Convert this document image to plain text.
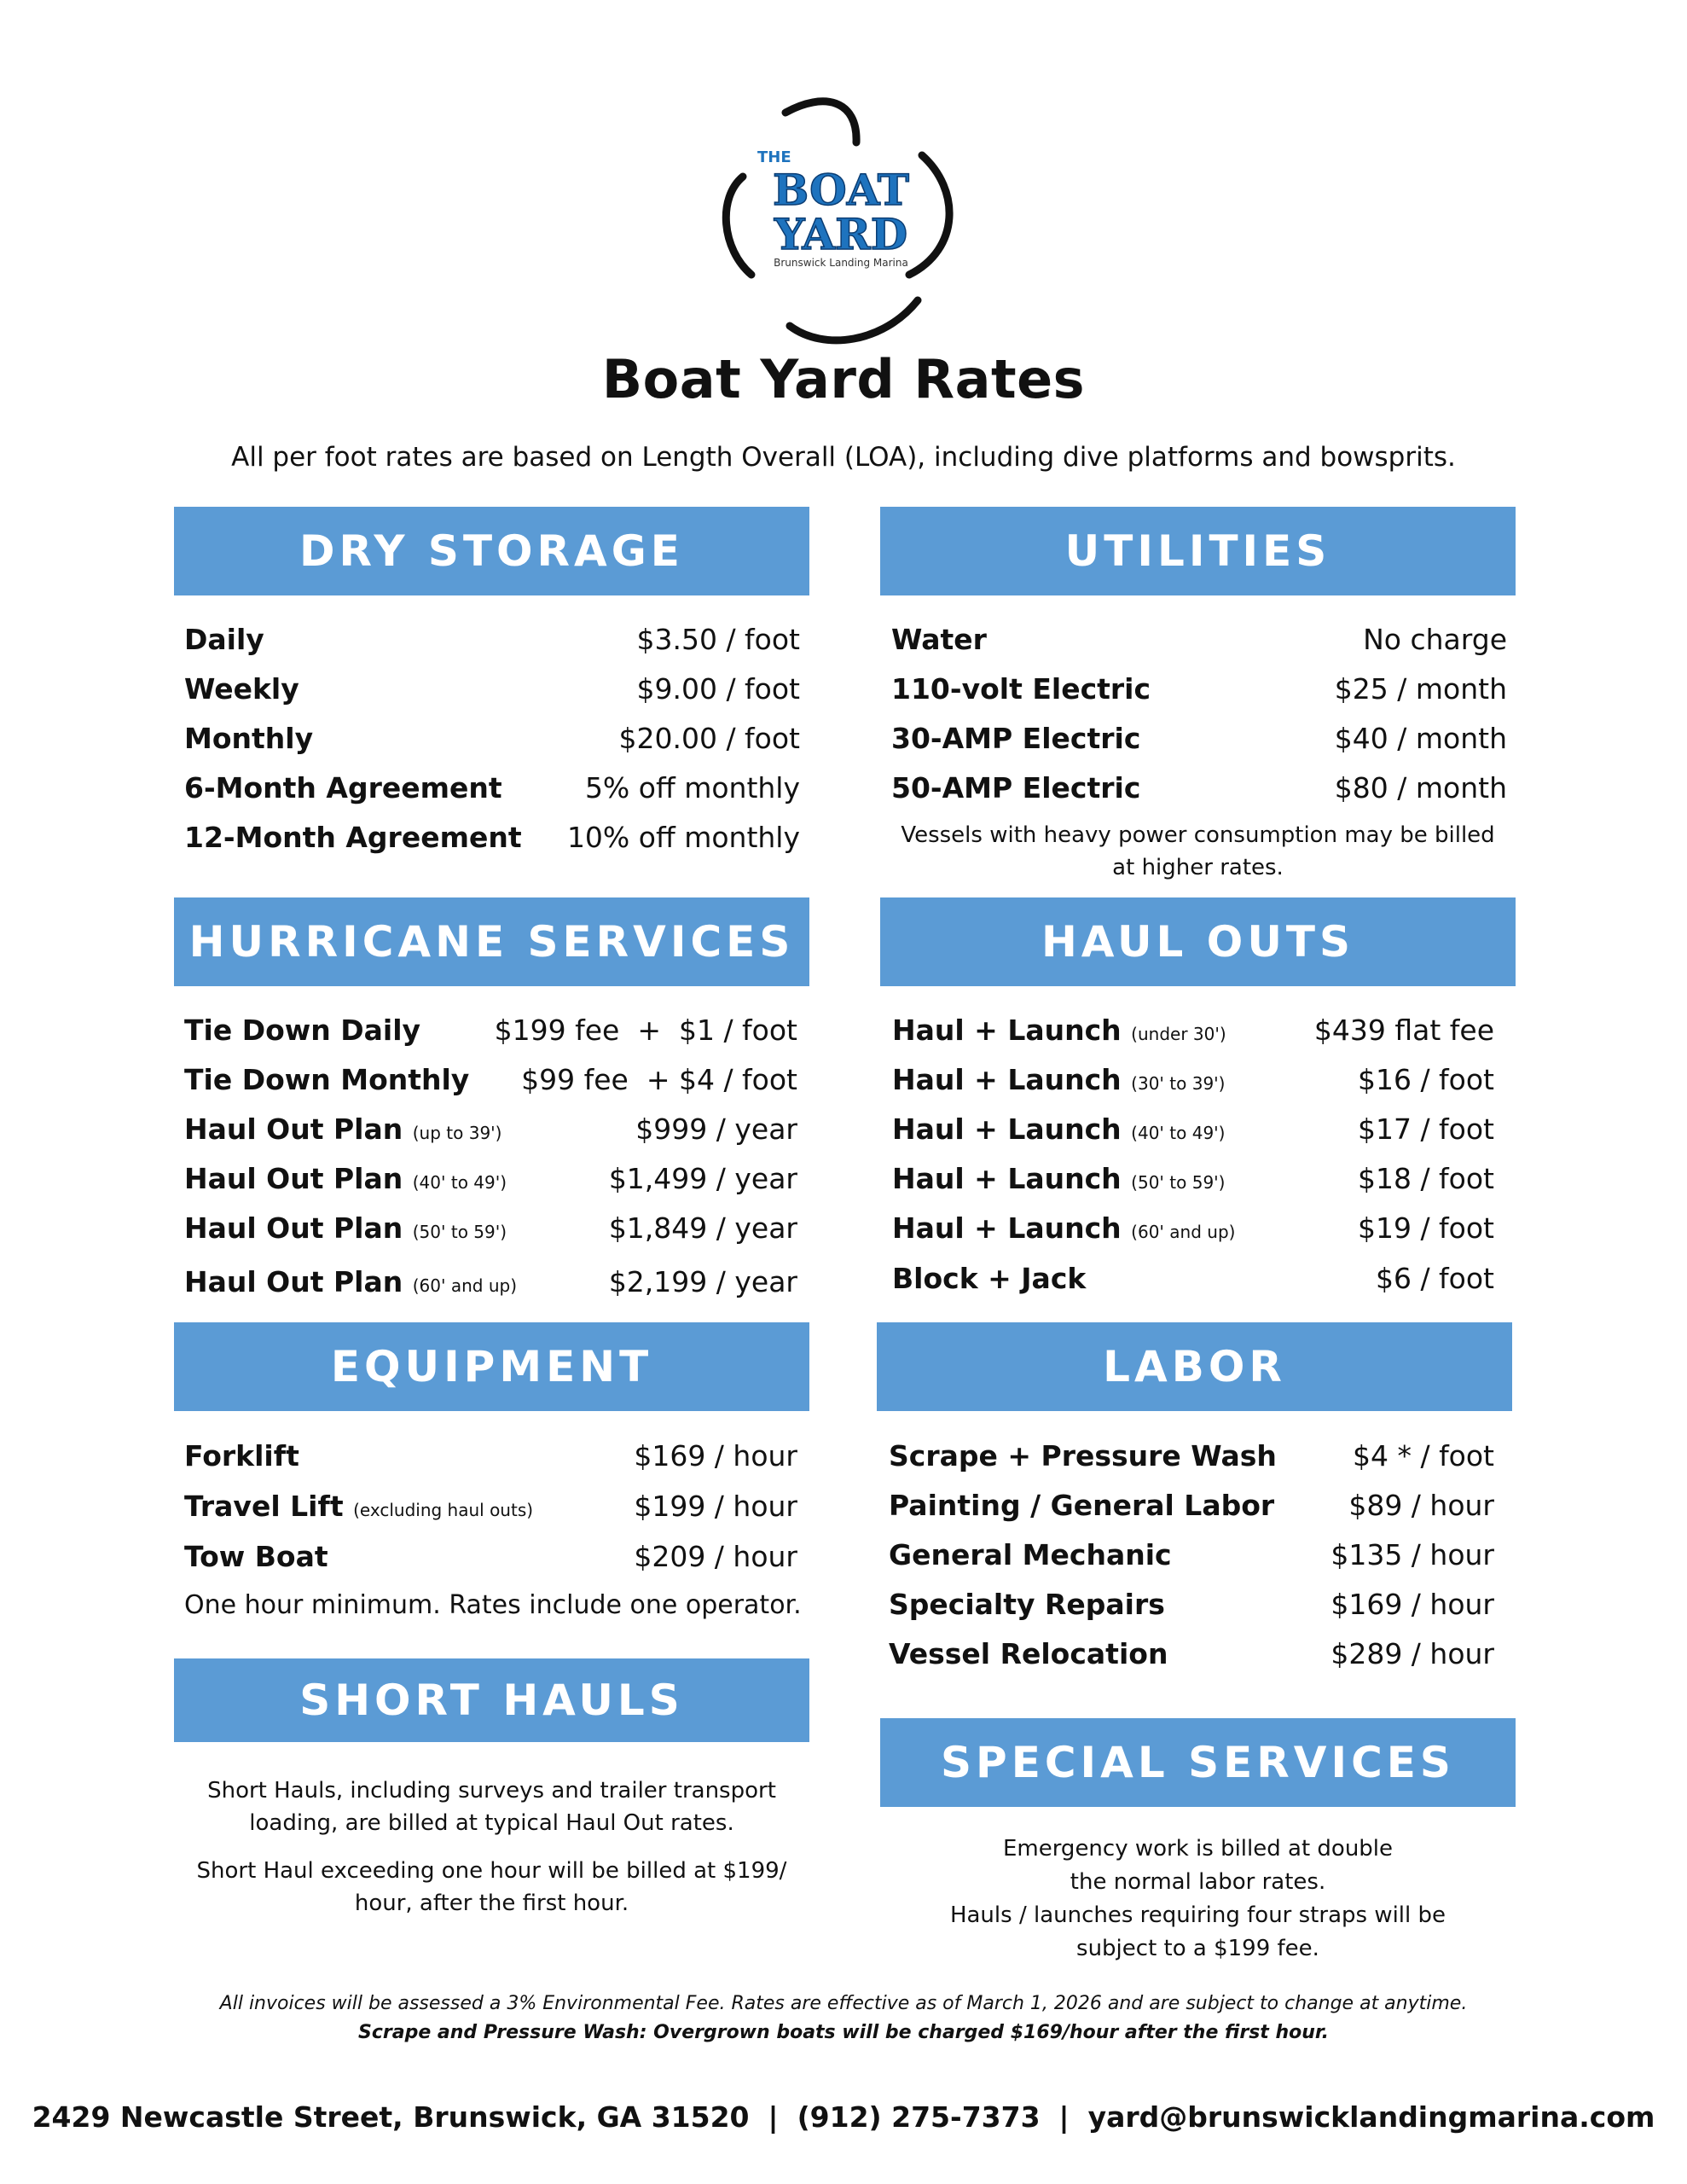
THE
BOAT
YARD
Brunswick Landing Marina
Boat Yard Rates
All per foot rates are based on Length Overall (LOA), including dive platforms and bowsprits.
DRY STORAGE
Daily	$3.50 / foot
Weekly	$9.00 / foot
Monthly	$20.00 / foot
6-Month Agreement	5% off monthly
12-Month Agreement 10% off monthly
UTILITIES
Water	No charge
110-volt Electric	$25 / month
30-AMP Electric	$40 / month
50-AMP Electric	$80 / month
Vessels with heavy power consumption may be billed
at higher rates.
HURRICANE SERVICES
Tie Down Daily	$199 fee  +  $1 / foot
Tie Down Monthly $99 fee  + $4 / foot
Haul Out Plan (up to 39')	$999 / year
Haul Out Plan (40' to 49')	$1,499 / year
Haul Out Plan (50' to 59')	$1,849 / year
Haul Out Plan (60' and up)	$2,199 / year
HAUL OUTS
Haul + Launch (under 30')	$439 flat fee
Haul + Launch (30' to 39')	$16 / foot
Haul + Launch (40' to 49')	$17 / foot
Haul + Launch (50' to 59')	$18 / foot
Haul + Launch (60' and up)	$19 / foot
Block + Jack	$6 / foot
EQUIPMENT
Forklift	$169 / hour
Travel Lift (excluding haul outs)	$199 / hour
Tow Boat	$209 / hour
One hour minimum. Rates include one operator.
LABOR
Scrape + Pressure Wash	$4 * / foot
Painting / General Labor	$89 / hour
General Mechanic	$135 / hour
Specialty Repairs	$169 / hour
Vessel Relocation	$289 / hour
SHORT HAULS
Short Hauls, including surveys and trailer transport
loading, are billed at typical Haul Out rates.
Short Haul exceeding one hour will be billed at $199/
hour, after the first hour.
SPECIAL SERVICES
Emergency work is billed at double
the normal labor rates.
Hauls / launches requiring four straps will be
subject to a $199 fee.
All invoices will be assessed a 3% Environmental Fee. Rates are effective as of March 1, 2026 and are subject to change at anytime.
Scrape and Pressure Wash: Overgrown boats will be charged $169/hour after the first hour.
2429 Newcastle Street, Brunswick, GA 31520 | (912) 275-7373 | yard@brunswicklandingmarina.com
